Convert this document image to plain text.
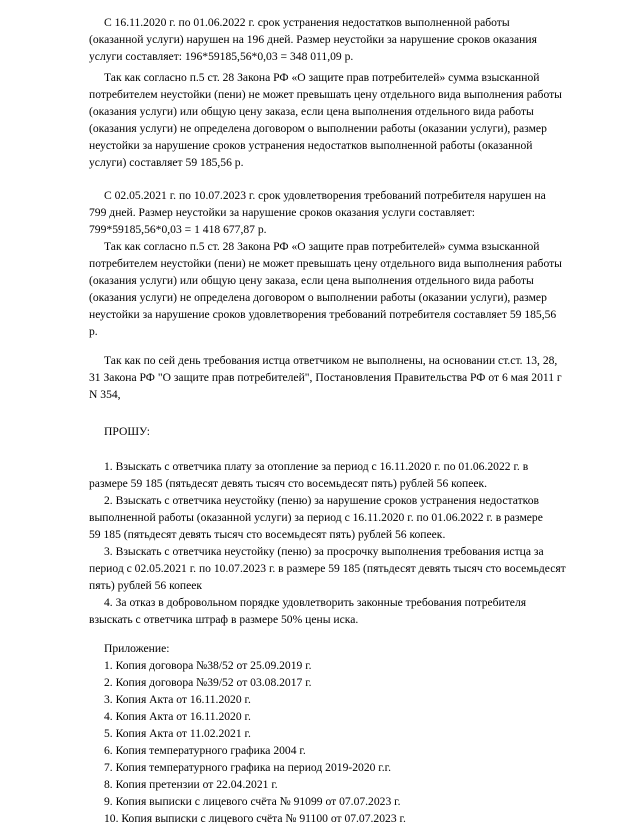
С 16.11.2020 г. по 01.06.2022 г. срок устранения недостатков выполненной работы
(оказанной услуги) нарушен на 196 дней. Размер неустойки за нарушение сроков оказания
услуги составляет: 196*59185,56*0,03 = 348 011,09 р.
Так как согласно п.5 ст. 28 Закона РФ «О защите прав потребителей» сумма взысканной
потребителем неустойки (пени) не может превышать цену отдельного вида выполнения работы
(оказания услуги) или общую цену заказа, если цена выполнения отдельного вида работы
(оказания услуги) не определена договором о выполнении работы (оказании услуги), размер
неустойки за нарушение сроков устранения недостатков выполненной работы (оказанной
услуги) составляет 59 185,56 р.
С 02.05.2021 г. по 10.07.2023 г. срок удовлетворения требований потребителя нарушен на
799 дней. Размер неустойки за нарушение сроков оказания услуги составляет:
799*59185,56*0,03 = 1 418 677,87 р.
Так как согласно п.5 ст. 28 Закона РФ «О защите прав потребителей» сумма взысканной
потребителем неустойки (пени) не может превышать цену отдельного вида выполнения работы
(оказания услуги) или общую цену заказа, если цена выполнения отдельного вида работы
(оказания услуги) не определена договором о выполнении работы (оказании услуги), размер
неустойки за нарушение сроков удовлетворения требований потребителя составляет 59 185,56
р.
Так как по сей день требования истца ответчиком не выполнены, на основании ст.ст. 13, 28,
31 Закона РФ "О защите прав потребителей", Постановления Правительства РФ от 6 мая 2011 г
N 354,
ПРОШУ:
1. Взыскать с ответчика плату за отопление за период с 16.11.2020 г. по 01.06.2022 г. в
размере 59 185 (пятьдесят девять тысяч сто восемьдесят пять) рублей 56 копеек.
2. Взыскать с ответчика неустойку (пеню) за нарушение сроков устранения недостатков
выполненной работы (оказанной услуги) за период с 16.11.2020 г. по 01.06.2022 г. в размере
59 185 (пятьдесят девять тысяч сто восемьдесят пять) рублей 56 копеек.
3. Взыскать с ответчика неустойку (пеню) за просрочку выполнения требования истца за
период с 02.05.2021 г. по 10.07.2023 г. в размере 59 185 (пятьдесят девять тысяч сто восемьдесят
пять) рублей 56 копеек
4. За отказ в добровольном порядке удовлетворить законные требования потребителя
взыскать с ответчика штраф в размере 50% цены иска.
Приложение:
1. Копия договора №38/52 от 25.09.2019 г.
2. Копия договора №39/52 от 03.08.2017 г.
3. Копия Акта от 16.11.2020 г.
4. Копия Акта от 16.11.2020 г.
5. Копия Акта от 11.02.2021 г.
6. Копия температурного графика 2004 г.
7. Копия температурного графика на период 2019-2020 г.г.
8. Копия претензии от 22.04.2021 г.
9. Копия выписки с лицевого счёта № 91099 от 07.07.2023 г.
10. Копия выписки с лицевого счёта № 91100 от 07.07.2023 г.
